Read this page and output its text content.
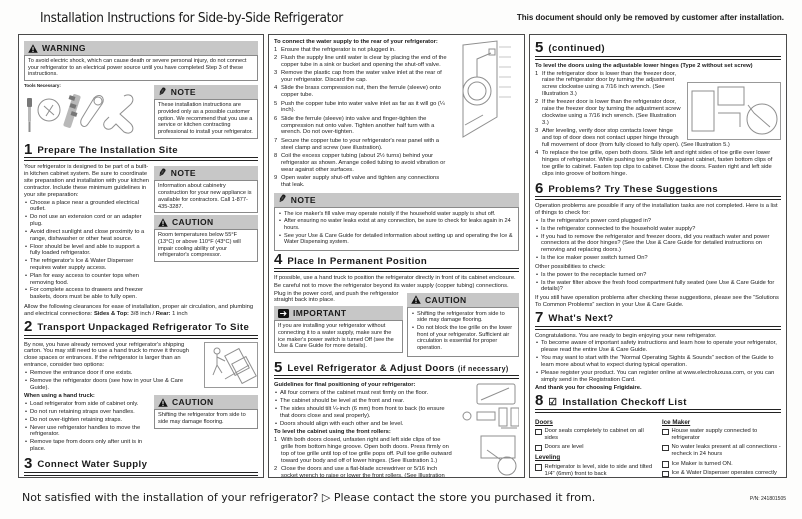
Installation Instructions for Side-by-Side Refrigerator	This document should only be removed by customer after installation.
WARNING
To avoid electric shock, which can cause death or severe personal injury, do not connect your refrigerator to an electrical power source until you have completed Step 3 of these instructions.
Tools Necessary:
✎ NOTE
These installation instructions are provided only as a possible customer option. We recommend that you use a service or kitchen contracting professional to install your refrigerator.
1 Prepare The Installation Site
Your refrigerator is designed to be part of a built-in kitchen cabinet system. Be sure to coordinate site preparation and installation with your kitchen contractor. Include these minimum guidelines in your site preparation:
• Choose a place near a grounded electrical outlet.
• Do not use an extension cord or an adapter plug.
• Avoid direct sunlight and close proximity to a range, dishwasher or other heat source.
• Floor should be level and able to support a fully loaded refrigerator.
• The refrigerator's Ice & Water Dispenser requires water supply access.
• Plan for easy access to counter tops when removing food.
• For complete access to drawers and freezer baskets, doors must be able to fully open.
✎ NOTE
Information about cabinetry construction for your new appliance is available for contractors. Call 1-877-435-3287.
CAUTION
Room temperatures below 55°F (13°C) or above 110°F (43°C) will impair cooling ability of your refrigerator's compressor.
Allow the following clearances for ease of installation, proper air circulation, and plumbing and electrical connections: Sides & Top: 3/8 inch / Rear: 1 inch
2 Transport Unpackaged Refrigerator To Site
By now, you have already removed your refrigerator's shipping carton. You may still need to use a hand truck to move it through close spaces or entrances. If the refrigerator is larger than an entrance, consider two options:
• Remove the entrance door if one exists.
• Remove the refrigerator doors (see how in your Use & Care Guide).
When using a hand truck:
• Load refrigerator from side of cabinet only.
• Do not run retaining straps over handles.
• Do not over-tighten retaining straps.
• Never use refrigerator handles to move the refrigerator.
• Remove tape from doors only after unit is in place.
CAUTION
Shifting the refrigerator from side to side may damage flooring.
3 Connect Water Supply
To connect the water supply to the rear of your refrigerator:
Ensure that the refrigerator is not plugged in.
Flush the supply line until water is clear by placing the end of the copper tube in a sink or bucket and opening the shut-off valve.
Remove the plastic cap from the water valve inlet at the rear of your refrigerator. Discard the cap.
Slide the brass compression nut, then the ferrule (sleeve) onto copper tube.
Push the copper tube into water valve inlet as far as it will go (¼ inch).
Slide the ferrule (sleeve) into valve and finger-tighten the compression nut onto valve. Tighten another half turn with a wrench. Do not over-tighten.
Secure the copper tube to your refrigerator's rear panel with a steel clamp and screw (see illustration).
Coil the excess copper tubing (about 2½ turns) behind your refrigerator as shown. Arrange coiled tubing to avoid vibration or wear against other surfaces.
Open water supply shut-off valve and tighten any connections that leak.
✎ NOTE
• The ice maker's fill valve may operate noisily if the household water supply is shut off.
• After ensuring no water leaks exist at any connection, be sure to check for leaks again in 24 hours.
• See your Use & Care Guide for detailed information about setting up and operating the Ice & Water Dispensing system.
4 Place In Permanent Position
If possible, use a hand truck to position the refrigerator directly in front of its cabinet enclosure.
Be careful not to move the refrigerator beyond its water supply (copper tubing) connections.
Plug in the power cord, and push the refrigerator straight back into place.
IMPORTANT
If you are installing your refrigerator without connecting it to a water supply, make sure the ice maker's power switch is turned Off (see the Use & Care Guide for more details).
CAUTION
• Shifting the refrigerator from side to side may damage flooring.
• Do not block the toe grille on the lower front of your refrigerator. Sufficient air circulation is essential for proper operation.
5 Level Refrigerator & Adjust Doors (if necessary)
Guidelines for final positioning of your refrigerator:
• All four corners of the cabinet must rest firmly on the floor.
• The cabinet should be level at the front and rear.
• The sides should tilt ¼-inch (6 mm) from front to back (to ensure that doors close and seal properly).
• Doors should align with each other and be level.
To level the cabinet using the front rollers:
With both doors closed, unfasten right and left side clips of toe grille from bottom hinge groove. Open both doors. Press firmly on top of toe grille until top of toe grille pops off. Pull toe grille outward toward your body and off of lower hinges. (See Illustration 1.)
Close the doors and use a flat-blade screwdriver or 5/16 inch socket wrench to raise or lower the front rollers. (See Illustration
5 (continued)
To level the doors using the adjustable lower hinges (Type 2 without set screw)
If the refrigerator door is lower than the freezer door, raise the refrigerator door by turning the adjustment screw clockwise using a 7/16 inch wrench. (See Illustration 3.)
If the freezer door is lower than the refrigerator door, raise the freezer door by turning the adjustment screw clockwise using a 7/16 inch wrench. (See Illustration 3.)
After leveling, verify door stop contacts lower hinge and top of door does not contact upper hinge through full movement of door (from fully closed to fully open). (See Illustration 5.)
To replace the toe grille, open both doors. Slide left and right sides of toe grille over lower hinges of refrigerator. While pushing toe grille firmly against cabinet, fasten bottom clips of toe grille to cabinet. Fasten top clips to cabinet. Close the doors. Fasten right and left side clips into groove of bottom hinge.
6 Problems? Try These Suggestions
Operation problems are possible if any of the installation tasks are not completed. Here is a list of things to check for:
• Is the refrigerator's power cord plugged in?
• Is the refrigerator connected to the household water supply?
• If you had to remove the refrigerator and freezer doors, did you reattach water and power connectors at the door hinges? (See the Use & Care Guide for detailed instructions on removing and replacing doors.)
• Is the ice maker power switch turned On?
Other possibilities to check:
• Is the power to the receptacle turned on?
• Is the water filter above the fresh food compartment fully seated (see Use & Care Guide for details)?
If you still have operation problems after checking these suggestions, please see the “Solutions To Common Problems” section in your Use & Care Guide.
7 What's Next?
Congratulations. You are ready to begin enjoying your new refrigerator.
• To become aware of important safety instructions and learn how to operate your refrigerator, please read the entire Use & Care Guide.
• You may want to start with the “Normal Operating Sights & Sounds” section of the Guide to learn more about what to expect during typical operation.
• Please register your product. You can register online at www.electroluxusa.com, or you can simply send in the Registration Card.
And thank you for choosing Frigidaire.
8 ☑ Installation Checkoff List
Doors
Door seals completely to cabinet on all sides
Doors are level
Leveling
Refrigerator is level, side to side and tilted 1/4" (6mm) front to back
Ice Maker
House water supply connected to refrigerator
No water leaks present at all connections - recheck in 24 hours
Ice Maker is turned ON.
Ice & Water Dispenser operates correctly
Not satisfied with the installation of your refrigerator? ▷ Please contact the store you purchased it from.	P/N: 241801505
